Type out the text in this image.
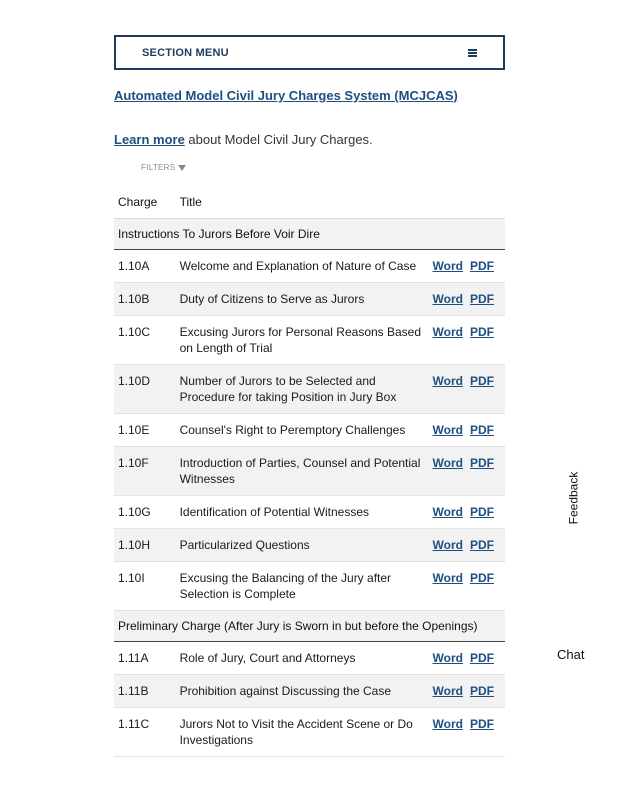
SECTION MENU
Automated Model Civil Jury Charges System (MCJCAS)

Learn more about Model Civil Jury Charges.

FILTERS
Charge	Title	
Instructions To Jurors Before Voir Dire		
1.10A	Welcome and Explanation of Nature of Case	Word PDF
1.10B	Duty of Citizens to Serve as Jurors	Word PDF
1.10C	Excusing Jurors for Personal Reasons Based on Length of Trial	Word PDF
1.10D	Number of Jurors to be Selected and Procedure for taking Position in Jury Box	Word PDF
1.10E	Counsel's Right to Peremptory Challenges	Word PDF
1.10F	Introduction of Parties, Counsel and Potential Witnesses	Word PDF
1.10G	Identification of Potential Witnesses	Word PDF
1.10H	Particularized Questions	Word PDF
1.10I	Excusing the Balancing of the Jury after Selection is Complete	Word PDF
Preliminary Charge (After Jury is Sworn in but before the Openings)		
1.11A	Role of Jury, Court and Attorneys	Word PDF
1.11B	Prohibition against Discussing the Case	Word PDF
1.11C	Jurors Not to Visit the Accident Scene or Do Investigations	Word PDF
Feedback
Chat
